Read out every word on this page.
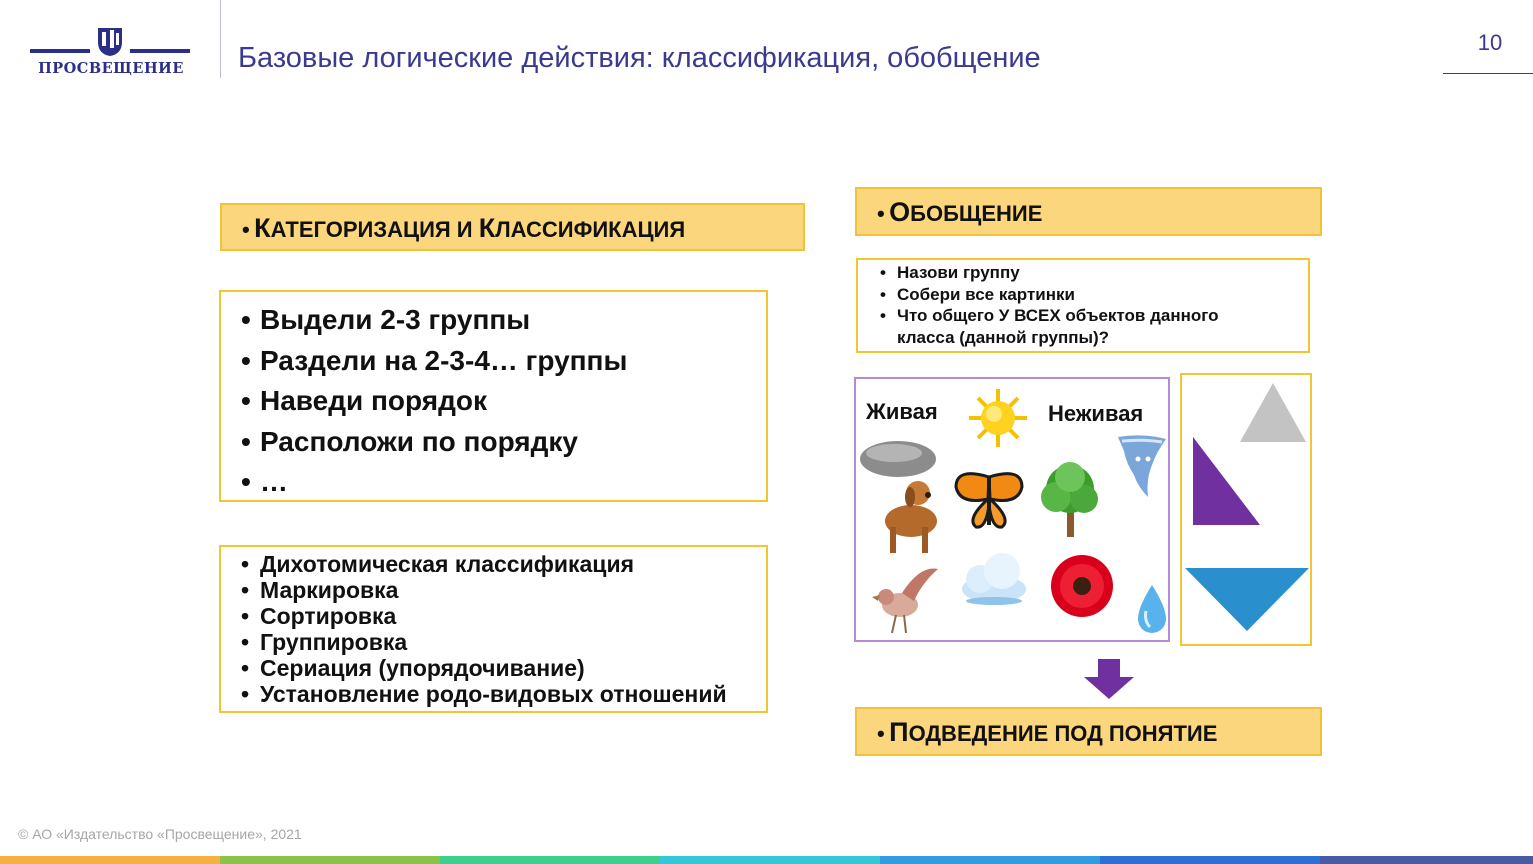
ПРОСВЕЩЕНИЕ Базовые логические действия: классификация, обобщение	10
• КАТЕГОРИЗАЦИЯ И КЛАССИФИКАЦИЯ
• Выдели 2-3 группы
• Раздели на 2-3-4… группы
• Наведи порядок
• Расположи по порядку
• …
• Дихотомическая классификация
• Маркировка
• Сортировка
• Группировка
• Сериация (упорядочивание)
• Установление родо-видовых отношений
• ОБОБЩЕНИЕ
• Назови группу
• Собери все картинки
• Что общего У ВСЕХ объектов данного
класса (данной группы)?
Живая	Неживая
• ПОДВЕДЕНИЕ ПОД ПОНЯТИЕ
© АО «Издательство «Просвещение», 2021
